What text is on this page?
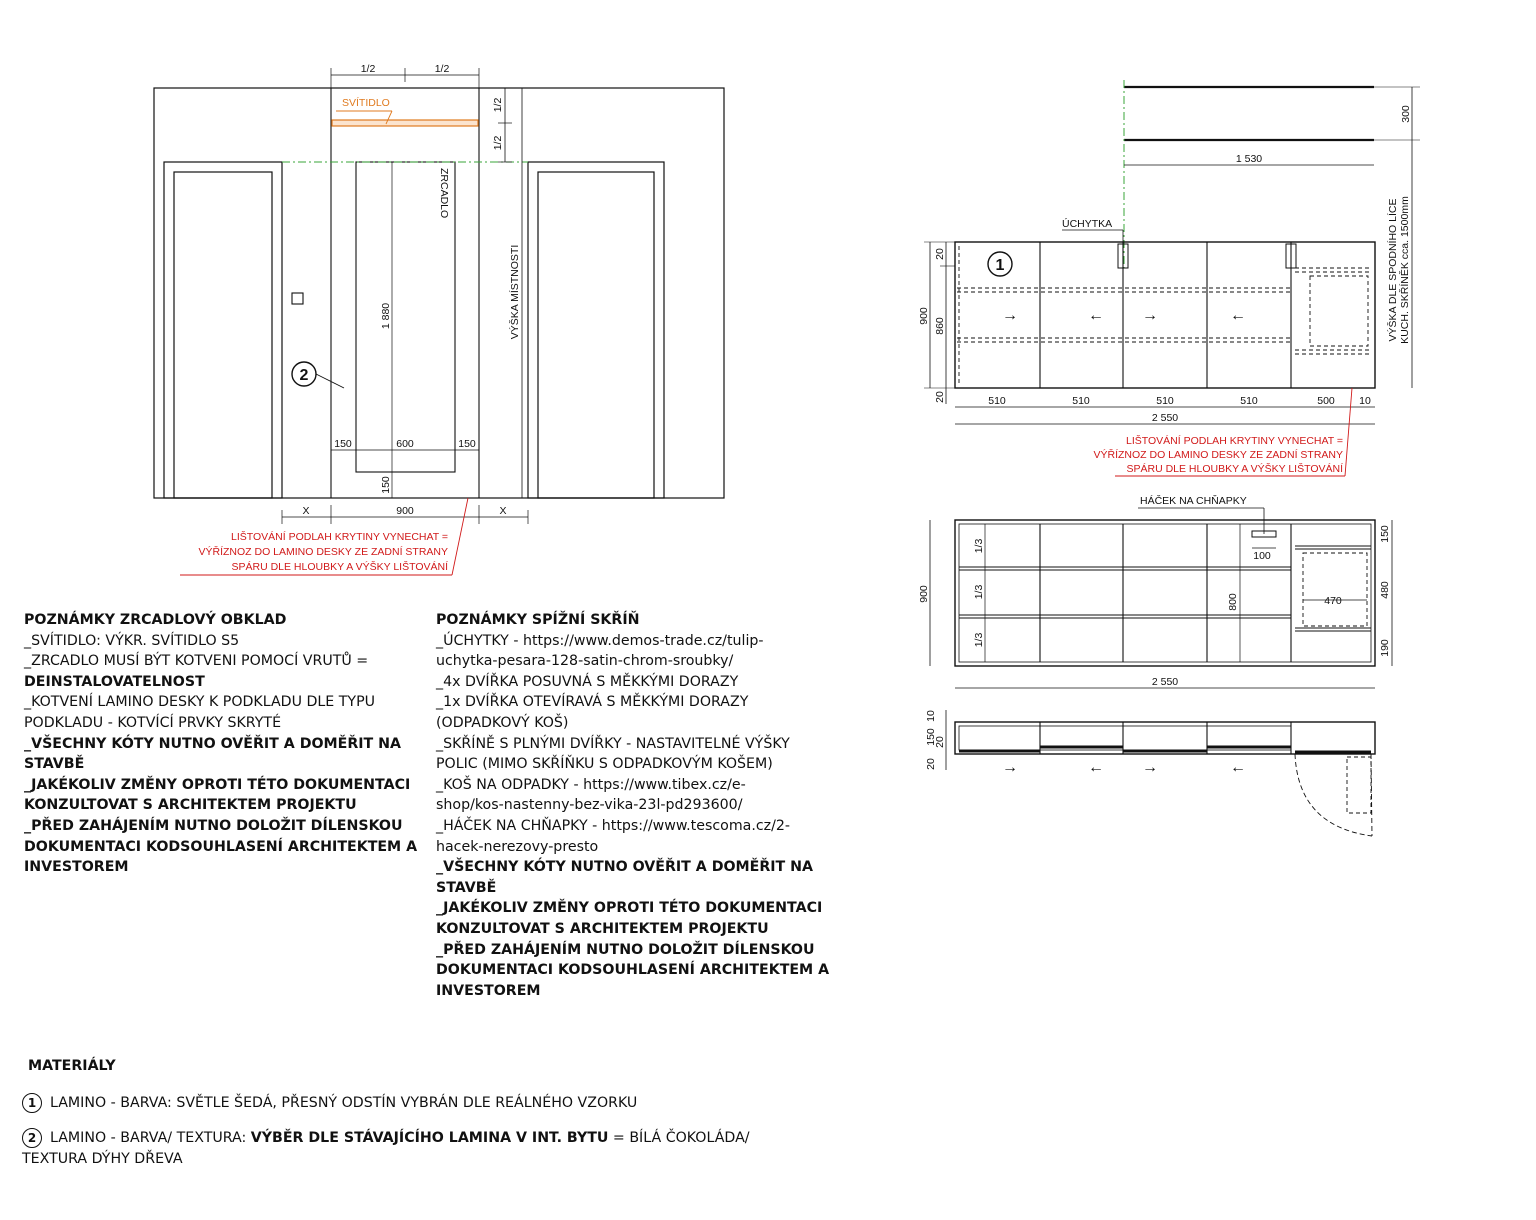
1/2	1/2
1/2
1/2
SVÍTIDLO
ZRCADLO
1 880	VÝŠKA MÍSTNOSTI
2
150	600	150
150
X	900	X
LIŠTOVÁNÍ PODLAH KRYTINY VYNECHAT =
VÝŘÍZNOZ DO LAMINO DESKY ZE ZADNÍ STRANY
SPÁRU DLE HLOUBKY A VÝŠKY LIŠTOVÁNÍ
300
1 530
ÚCHYTKA	VÝŠKA DLE SPODNÍHO LÍCE KUCH. SKŘÍNĚK cca. 1500mm
1
900
860
20
20	510	510	510	510	500 10
2 550
→	← →	←
LIŠTOVÁNÍ PODLAH KRYTINY VYNECHAT =
VÝŘÍZNOZ DO LAMINO DESKY ZE ZADNÍ STRANY
SPÁRU DLE HLOUBKY A VÝŠKY LIŠTOVÁNÍ
HÁČEK NA CHŇAPKY
100
900
1/3
1/3
1/3
800	470
150
480
190
2 550
10
150
20
20	→	← →	←
POZNÁMKY ZRCADLOVÝ OBKLAD
_SVÍTIDLO: VÝKR. SVÍTIDLO S5
_ZRCADLO MUSÍ BÝT KOTVENI POMOCÍ VRUTŮ =
DEINSTALOVATELNOST
_KOTVENÍ LAMINO DESKY K PODKLADU DLE TYPU
PODKLADU - KOTVÍCÍ PRVKY SKRYTÉ
_VŠECHNY KÓTY NUTNO OVĚŘIT A DOMĚŘIT NA
STAVBĚ
_JAKÉKOLIV ZMĚNY OPROTI TÉTO DOKUMENTACI
KONZULTOVAT S ARCHITEKTEM PROJEKTU
_PŘED ZAHÁJENÍM NUTNO DOLOŽIT DÍLENSKOU
DOKUMENTACI KODSOUHLASENÍ ARCHITEKTEM A
INVESTOREM
POZNÁMKY SPÍŽNÍ SKŘÍŇ
_ÚCHYTKY - https://www.demos-trade.cz/tulip-
uchytka-pesara-128-satin-chrom-sroubky/
_4x DVÍŘKA POSUVNÁ S MĚKKÝMI DORAZY
_1x DVÍŘKA OTEVÍRAVÁ S MĚKKÝMI DORAZY
(ODPADKOVÝ KOŠ)
_SKŘÍNĚ S PLNÝMI DVÍŘKY - NASTAVITELNÉ VÝŠKY
POLIC (MIMO SKŘÍŇKU S ODPADKOVÝM KOŠEM)
_KOŠ NA ODPADKY - https://www.tibex.cz/e-
shop/kos-nastenny-bez-vika-23l-pd293600/
_HÁČEK NA CHŇAPKY - https://www.tescoma.cz/2-
hacek-nerezovy-presto
_VŠECHNY KÓTY NUTNO OVĚŘIT A DOMĚŘIT NA
STAVBĚ
_JAKÉKOLIV ZMĚNY OPROTI TÉTO DOKUMENTACI
KONZULTOVAT S ARCHITEKTEM PROJEKTU
_PŘED ZAHÁJENÍM NUTNO DOLOŽIT DÍLENSKOU
DOKUMENTACI KODSOUHLASENÍ ARCHITEKTEM A
INVESTOREM
MATERIÁLY
1 LAMINO - BARVA: SVĚTLE ŠEDÁ, PŘESNÝ ODSTÍN VYBRÁN DLE REÁLNÉHO VZORKU
2 LAMINO - BARVA/ TEXTURA: VÝBĚR DLE STÁVAJÍCÍHO LAMINA V INT. BYTU = BÍLÁ ČOKOLÁDA/
TEXTURA DÝHY DŘEVA
